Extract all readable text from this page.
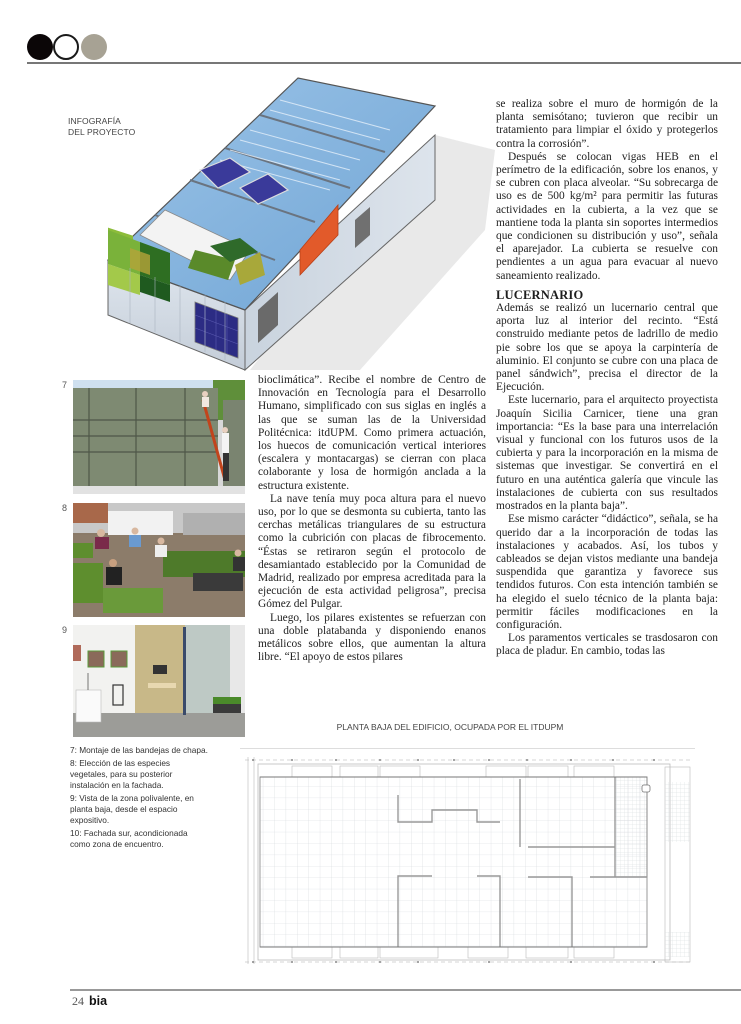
INFOGRAFÍA
DEL PROYECTO
7
8
9

bioclimática”. Recibe el nombre de Centro de Innovación en Tecnología para el Desarrollo Humano, simplificado con sus siglas en inglés a las que se suman las de la Universidad Politécnica: itdUPM. Como primera actuación, los huecos de comunicación vertical interiores (escalera y montacargas) se cierran con placa colaborante y losa de hormigón anclada a la estructura existente.

La nave tenía muy poca altura para el nuevo uso, por lo que se desmonta su cubierta, tanto las cerchas metálicas triangulares de su estructura como la cubrición con placas de fibrocemento. “Éstas se retiraron según el protocolo de desamiantado establecido por la Comunidad de Madrid, realizado por empresa acreditada para la ejecución de esta actividad peligrosa”, precisa Gómez del Pulgar.

Luego, los pilares existentes se refuerzan con una doble platabanda y disponiendo enanos metálicos sobre ellos, que aumentan la altura libre. “El apoyo de estos pilares

se realiza sobre el muro de hormigón de la planta semisótano; tuvieron que recibir un tratamiento para limpiar el óxido y protegerlos contra la corrosión”.

Después se colocan vigas HEB en el perímetro de la edificación, sobre los enanos, y se cubren con placa alveolar. “Su sobrecarga de uso es de 500 kg/m² para permitir las futuras actividades en la cubierta, a la vez que se mantiene toda la planta sin soportes intermedios que condicionen su distribución y uso”, señala el aparejador. La cubierta se resuelve con pendientes a un agua para evacuar al nuevo saneamiento realizado.

LUCERNARIO

Además se realizó un lucernario central que aporta luz al interior del recinto. “Está construido mediante petos de ladrillo de medio pie sobre los que se apoya la carpintería de aluminio. El conjunto se cubre con una placa de panel sándwich”, precisa el director de la Ejecución.

Este lucernario, para el arquitecto proyectista Joaquín Sicilia Carnicer, tiene una gran importancia: “Es la base para una interrelación visual y funcional con los futuros usos de la cubierta y para la incorporación en la misma de sistemas que investigar. Se convertirá en el futuro en una auténtica galería que vincule las instalaciones de cubierta con sus resultados mostrados en la planta baja”.

Ese mismo carácter “didáctico”, señala, se ha querido dar a la incorporación de todas las instalaciones y acabados. Así, los tubos y cableados se dejan vistos mediante una bandeja suspendida que garantiza y favorece sus tendidos futuros. Con esta intención también se ha elegido el suelo técnico de la planta baja: permitir fáciles modificaciones en la configuración.

Los paramentos verticales se trasdosaron con placa de pladur. En cambio, todas las

7: Montaje de las bandejas de chapa.
8: Elección de las especies vegetales, para su posterior instalación en la fachada.
9: Vista de la zona polivalente, en planta baja, desde el espacio expositivo.
10: Fachada sur, acondicionada como zona de encuentro.
PLANTA BAJA DEL EDIFICIO, OCUPADA POR EL ITDUPM
24 bia
